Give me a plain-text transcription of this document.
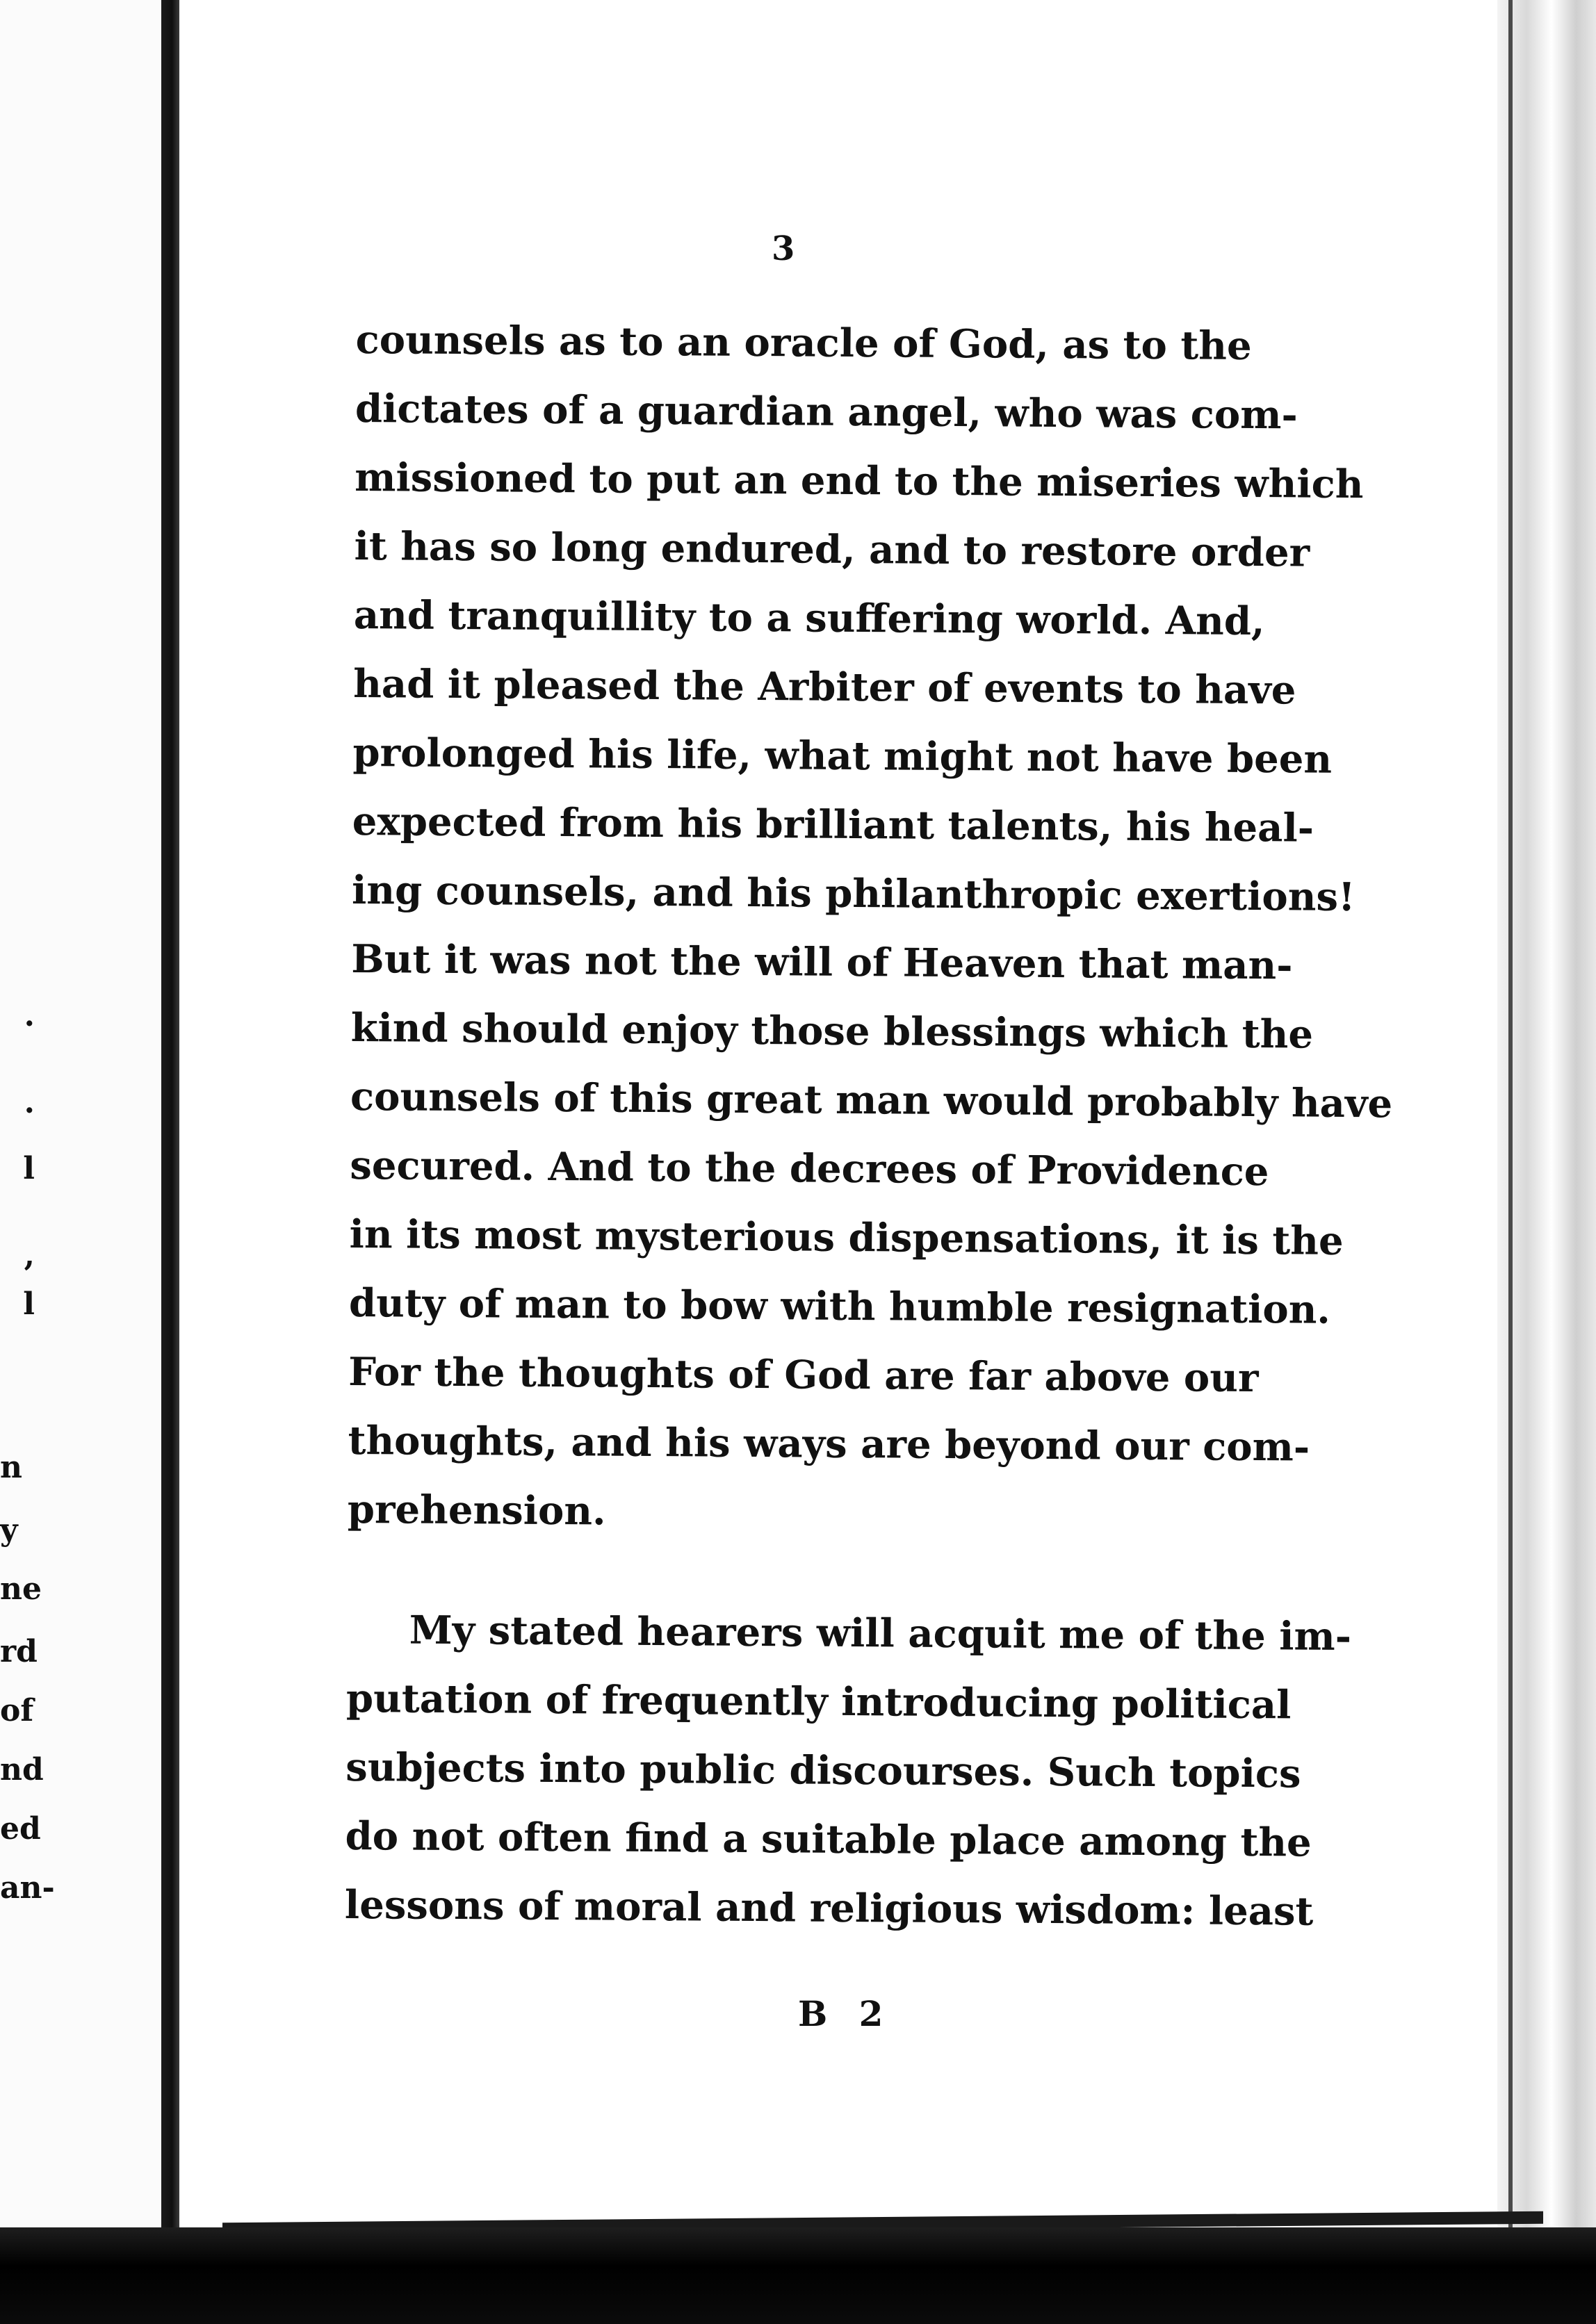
.
.
l
,
l
n
y
ne
rd
of
nd
ed
an-
3
counsels as to an oracle of God, as to the
dictates of a guardian angel, who was com-
missioned to put an end to the miseries which
it has so long endured, and to restore order
and tranquillity to a suffering world. And,
had it pleased the Arbiter of events to have
prolonged his life, what might not have been
expected from his brilliant talents, his heal-
ing counsels, and his philanthropic exertions!
But it was not the will of Heaven that man-
kind should enjoy those blessings which the
counsels of this great man would probably have
secured. And to the decrees of Providence
in its most mysterious dispensations, it is the
duty of man to bow with humble resignation.
For the thoughts of God are far above our
thoughts, and his ways are beyond our com-
prehension.
My stated hearers will acquit me of the im-
putation of frequently introducing political
subjects into public discourses. Such topics
do not often find a suitable place among the
lessons of moral and religious wisdom: least
B 2
